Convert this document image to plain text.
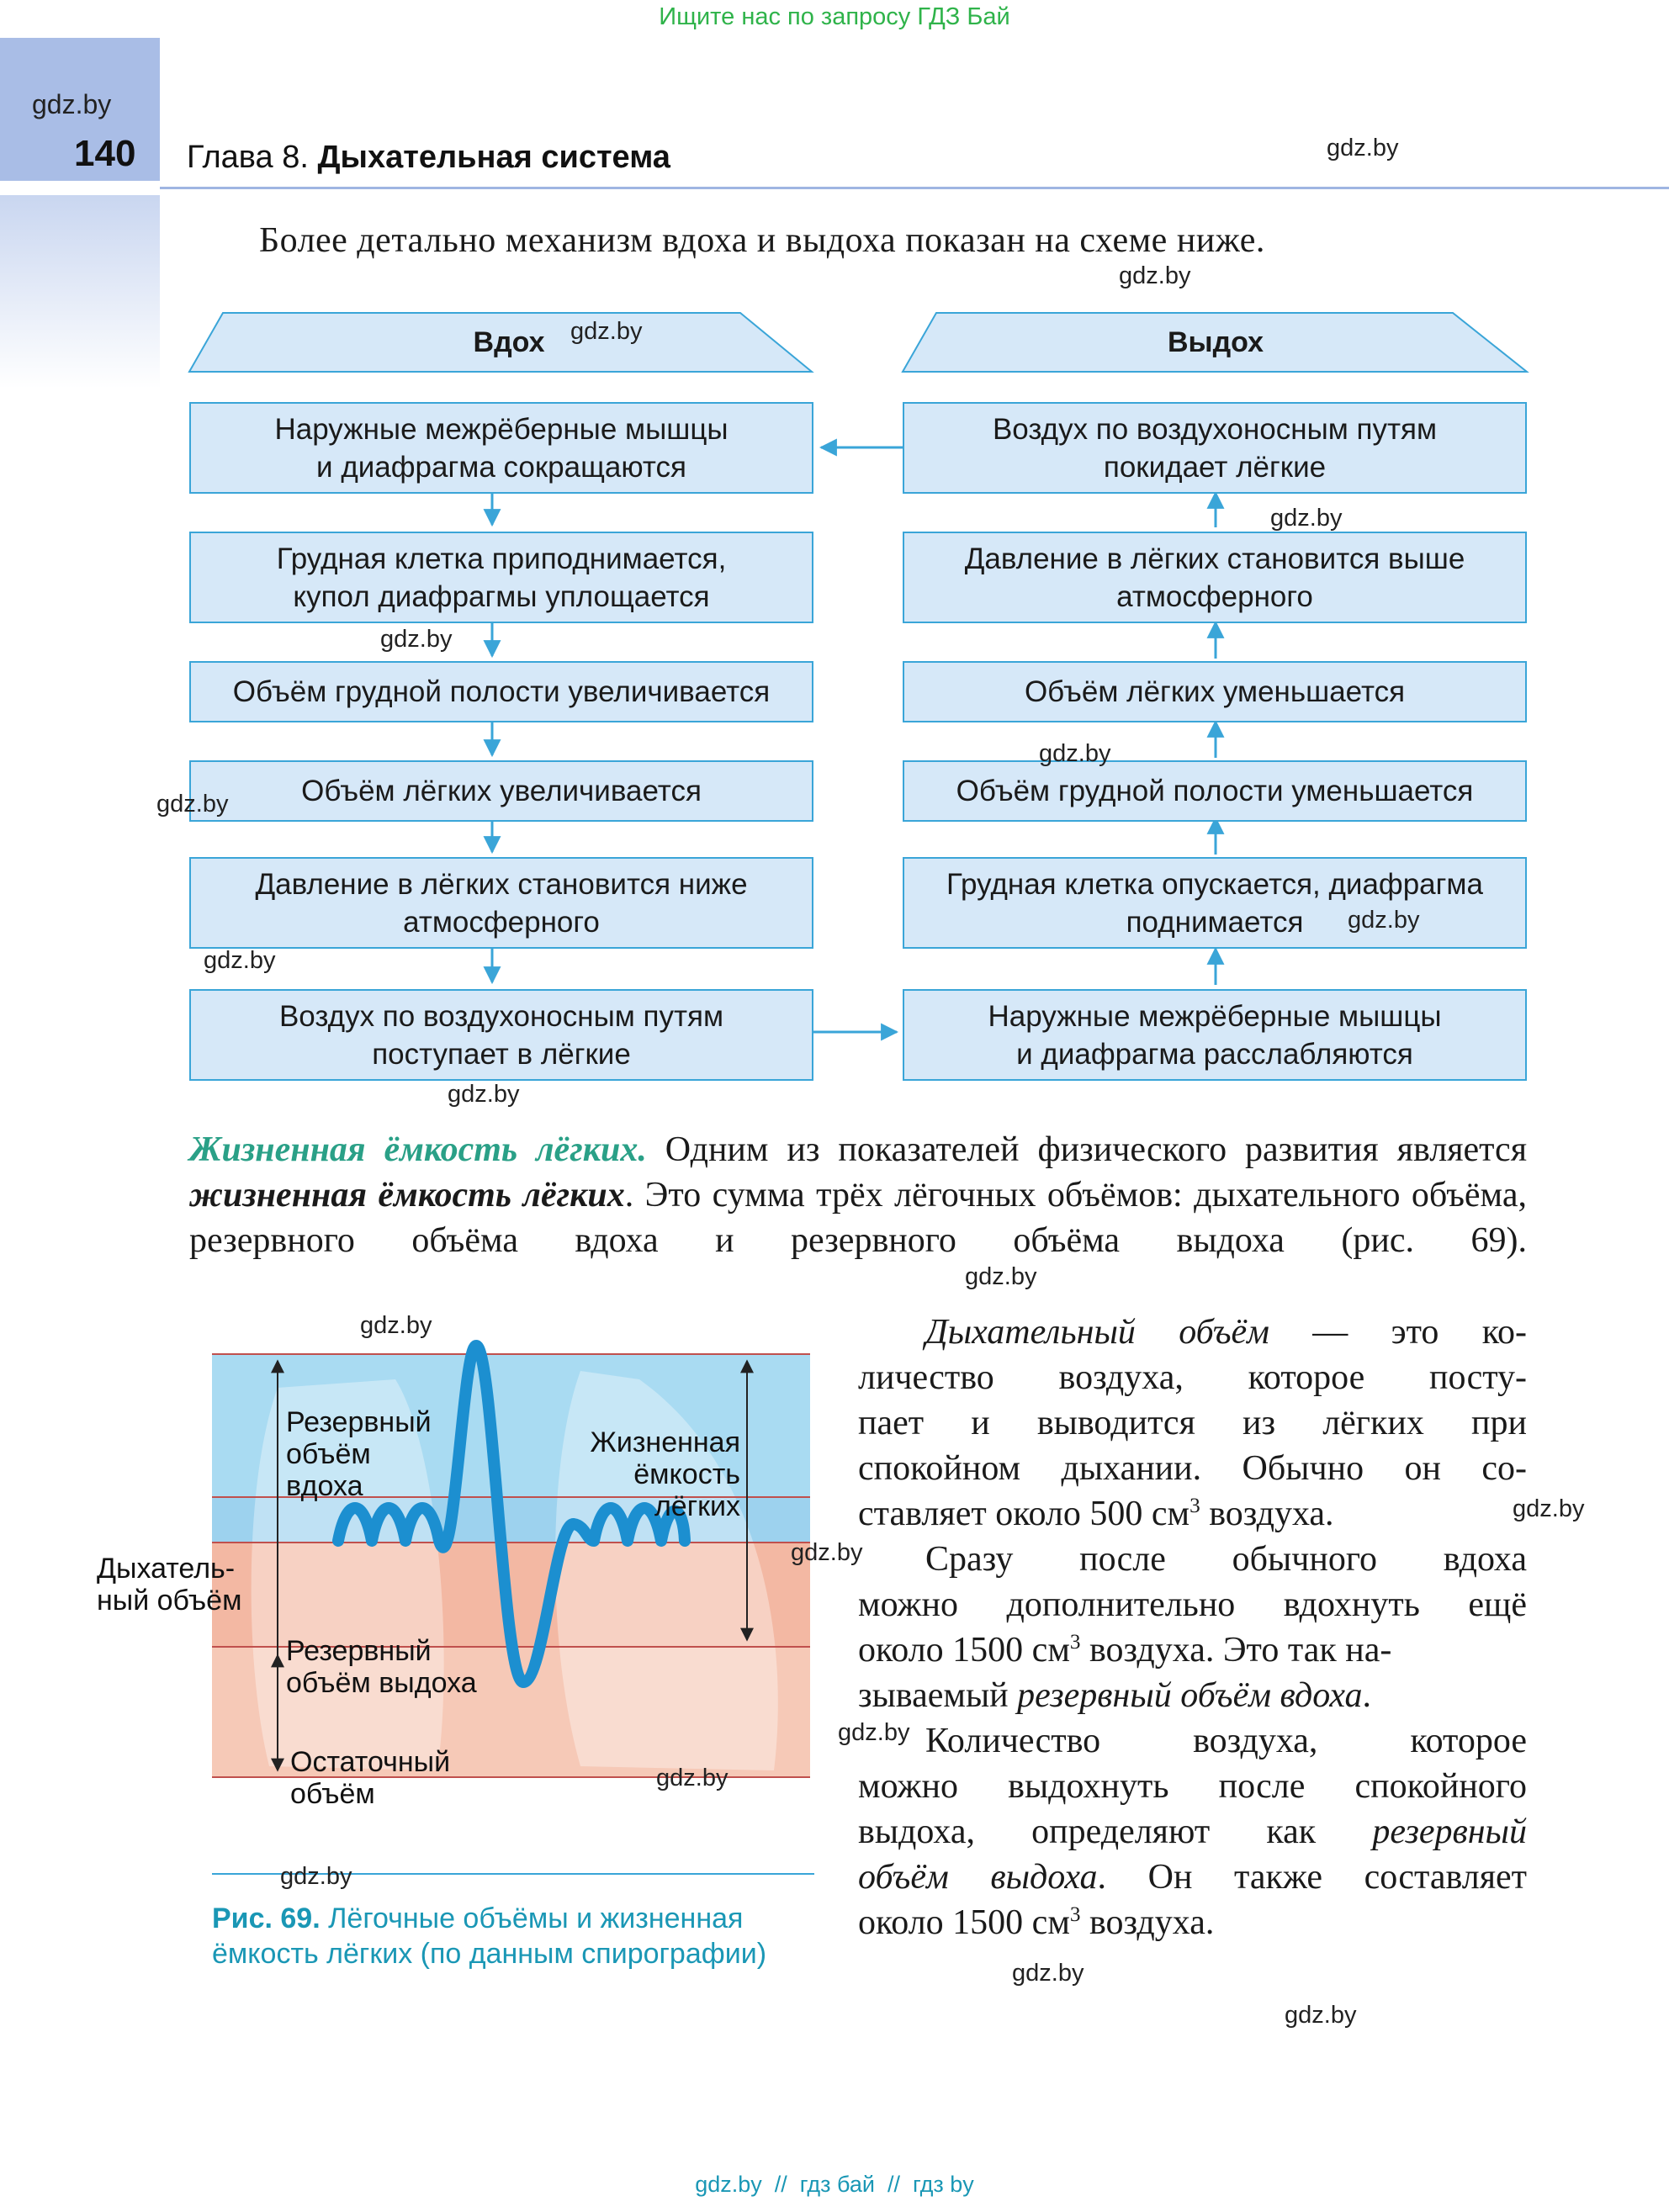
Ищите нас по запросу ГДЗ Бай
gdz.by
140 Глава 8. Дыхательная система
Более детально механизм вдоха и выдоха показан на схеме ниже.
Вдох	Выдох
Наружные межрёберные мышцы
и диафрагма сокращаются
Грудная клетка приподнимается,
купол диафрагмы уплощается
Объём грудной полости увеличивается
Объём лёгких увеличивается
Давление в лёгких становится ниже
атмосферного
Воздух по воздухоносным путям
поступает в лёгкие
Воздух по воздухоносным путям
покидает лёгкие
Давление в лёгких становится выше
атмосферного
Объём лёгких уменьшается
Объём грудной полости уменьшается
Грудная клетка опускается, диафрагма
поднимается
Наружные межрёберные мышцы
и диафрагма расслабляются
Жизненная ёмкость лёгких. Одним из показателей физического развития является жизненная ёмкость лёгких. Это сумма трёх лёгочных объёмов: дыхательного объёма, резервного объёма вдоха и резервного объёма выдоха (рис. 69).
Дыхательный объём — это ко-
личество воздуха, которое посту-
пает и выводится из лёгких при
спокойном дыхании. Обычно он со-
ставляет около 500 $см^3$ воздуха.
Сразу после обычного вдоха
можно дополнительно вдохнуть ещё
около 1500 $см^3$ воздуха. Это так на-
зываемый резервный объём вдоха.
Количество воздуха, которое
можно выдохнуть после спокойного
выдоха, определяют как резервный
объём выдоха. Он также составляет
около 1500 $см^3$ воздуха.
Резервный
объём
вдоха
Жизненная
ёмкость
лёгких
Дыхатель-
ный объём
Резервный
объём выдоха
Остаточный
объём
Рис. 69. Лёгочные объёмы и жизненная
ёмкость лёгких (по данным спирографии)
gdz.by
gdz.by
gdz.by
gdz.by
gdz.by
gdz.by
gdz.by
gdz.by
gdz.by
gdz.by
gdz.by
gdz.by
gdz.by
gdz.by
gdz.by
gdz.by
gdz.by
gdz.by
gdz.by
gdz.by  //  гдз бай  //  гдз by
